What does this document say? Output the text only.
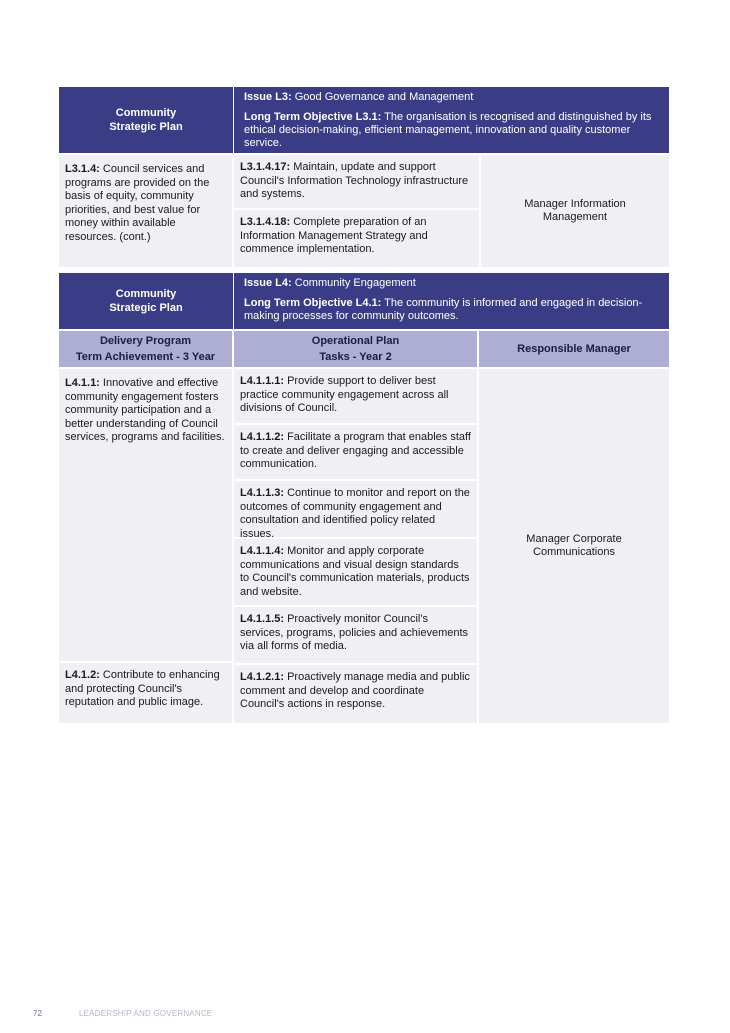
Community Strategic Plan

Issue L3: Good Governance and Management

Long Term Objective L3.1: The organisation is recognised and distinguished by its ethical decision-making, efficient management, innovation and quality customer service.

L3.1.4: Council services and programs are provided on the basis of equity, community priorities, and best value for money within available resources. (cont.)
L3.1.4.17: Maintain, update and support Council's Information Technology infrastructure and systems.
L3.1.4.18: Complete preparation of an Information Management Strategy and commence implementation.
Manager Information Management
Community Strategic Plan

Issue L4: Community Engagement

Long Term Objective L4.1: The community is informed and engaged in decision-making processes for community outcomes.

Delivery Program
Term Achievement - 3 Year
Operational Plan
Tasks - Year 2
Responsible Manager
L4.1.1: Innovative and effective community engagement fosters community participation and a better understanding of Council services, programs and facilities.
L4.1.2: Contribute to enhancing and protecting Council's reputation and public image.
L4.1.1.1: Provide support to deliver best practice community engagement across all divisions of Council.
L4.1.1.2: Facilitate a program that enables staff to create and deliver engaging and accessible communication.
L4.1.1.3: Continue to monitor and report on the outcomes of community engagement and consultation and identified policy related issues.
L4.1.1.4: Monitor and apply corporate communications and visual design standards to Council's communication materials, products and website.
L4.1.1.5: Proactively monitor Council's services, programs, policies and achievements via all forms of media.
L4.1.2.1: Proactively manage media and public comment and develop and coordinate Council's actions in response.
Manager Corporate Communications
72	LEADERSHIP AND GOVERNANCE
